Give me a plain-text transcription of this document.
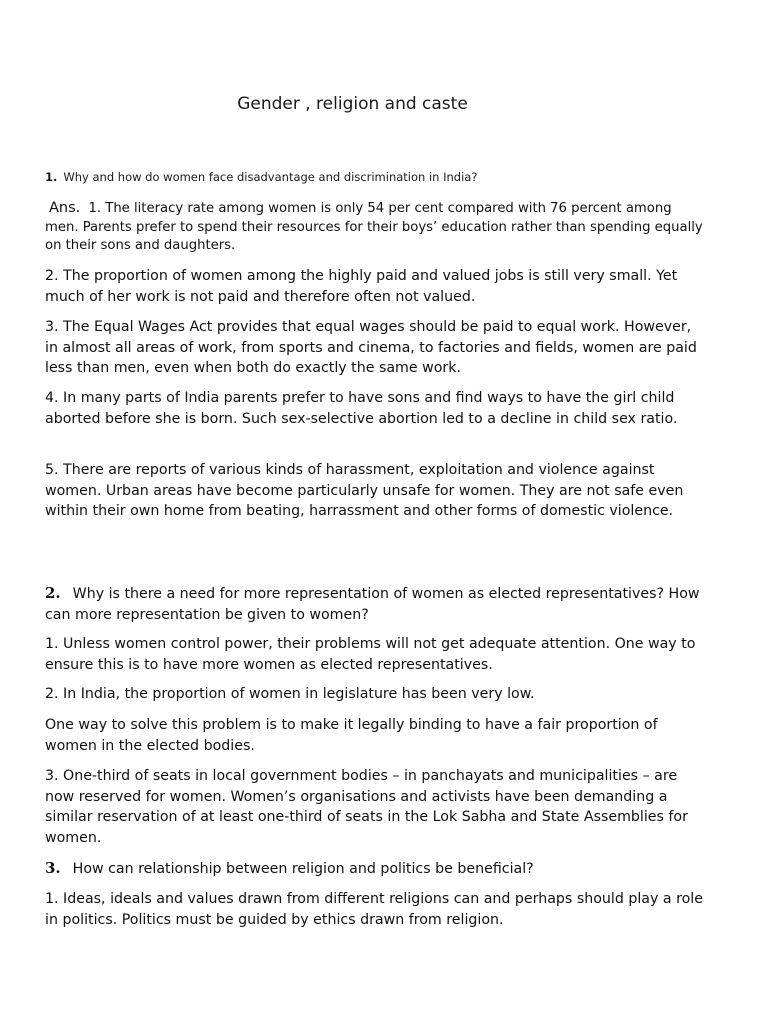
Gender , religion and caste
1. Why and how do women face disadvantage and discrimination in India?
Ans. 1. The literacy rate among women is only 54 per cent compared with 76 percent among men. Parents prefer to spend their resources for their boys’ education rather than spending equally on their sons and daughters.
2. The proportion of women among the highly paid and valued jobs is still very small. Yet much of her work is not paid and therefore often not valued.
3. The Equal Wages Act provides that equal wages should be paid to equal work. However, in almost all areas of work, from sports and cinema, to factories and fields, women are paid less than men, even when both do exactly the same work.
4. In many parts of India parents prefer to have sons and find ways to have the girl child aborted before she is born. Such sex-selective abortion led to a decline in child sex ratio.
5. There are reports of various kinds of harassment, exploitation and violence against women. Urban areas have become particularly unsafe for women. They are not safe even within their own home from beating, harrassment and other forms of domestic violence.
2. Why is there a need for more representation of women as elected representatives? How can more representation be given to women?
1. Unless women control power, their problems will not get adequate attention. One way to ensure this is to have more women as elected representatives.
2. In India, the proportion of women in legislature has been very low.
One way to solve this problem is to make it legally binding to have a fair proportion of women in the elected bodies.
3. One-third of seats in local government bodies – in panchayats and municipalities – are now reserved for women. Women’s organisations and activists have been demanding a similar reservation of at least one-third of seats in the Lok Sabha and State Assemblies for women.
3. How can relationship between religion and politics be beneficial?
1. Ideas, ideals and values drawn from different religions can and perhaps should play a role in politics. Politics must be guided by ethics drawn from religion.
